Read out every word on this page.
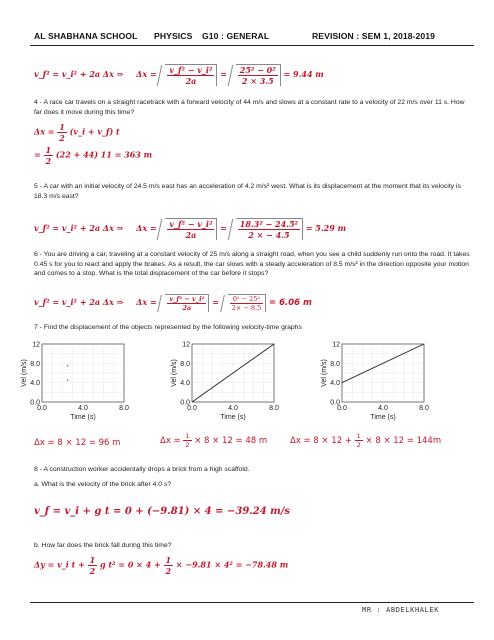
AL SHABHANA SCHOOL PHYSICS G10 : GENERAL	REVISION : SEM 1, 2018-2019
v_f² = v_i² + 2a Δx ⇒ $\Delta x = \frac{\text{v\_f² − v\_i²}}{2a} = \frac{\text{25² − 0²}}{2 \times 3.5} = 9.44$ m
4 - A race car travels on a straight racetrack with a forward velocity of 44 m/s and slows at a constant rate to a velocity of 22 m/s over 11 s. How far does it move during this time?
$\Delta x = \frac{1}{2}$ (v_i + v_f) t
= $\frac{1}{2} (22 + 44) 11 = 363$ m
5 - A car with an initial velocity of 24.5 m/s east has an acceleration of 4.2 m/s² west. What is its displacement at the moment that its velocity is 18.3 m/s east?
v_f² = v_i² + 2a Δx ⇒ $\Delta x = \frac{\text{v\_f² − v\_i²}}{2a} = \frac{\text{18.3² − 24.5²}}{2 \times - 4.5} = 5.29$ m
6 - You are driving a car, traveling at a constant velocity of 25 m/s along a straight road, when you see a child suddenly run onto the road. It takes 0.45 s for you to react and apply the brakes. As a result, the car slows with a steady acceleration of 8.5 m/s² in the direction opposite your motion and comes to a stop. What is the total displacement of the car before it stops?
v_f² = v_i² + 2a Δx ⇒ $\Delta x = \frac{\text{v\_f² − v\_i²}}{2a} = \frac{\text{0² − 25²}}{2\times - 8.5} = 6.06$ m
7 - Find the displacement of the objects represented by the following velocity-time graphs
0.0
4.0
8.0
12
0.0	4.0	8.0
Time (s)
Vel (m/s)
0.0
4.0
8.0
12
0.0	4.0	8.0
Time (s)
Vel (m/s)
0.0
4.0
8.0
12
0.0	4.0	8.0
Time (s)
Vel (m/s)
Δx = 8 × 12 = 96 m	$\Delta x = \frac{1}{2} \times 8 \times 12 = 48$ m	$\Delta x = 8 \times 12 + \frac{1}{2} \times 8 \times 12 = 144m$
8 - A construction worker accidentally drops a brick from a high scaffold.
a. What is the velocity of the brick after 4.0 s?
v_f = v_i + g t = 0 + (−9.81) × 4 = −39.24 m/s
b. How far does the brick fall during this time?
Δy = v_i $t + \frac{1}{2}$ g $t^2 = 0 \times 4 + \frac{1}{2} \times -9.81 \times 4^2 = -78.48$ m
MR : ABDELKHALEK
